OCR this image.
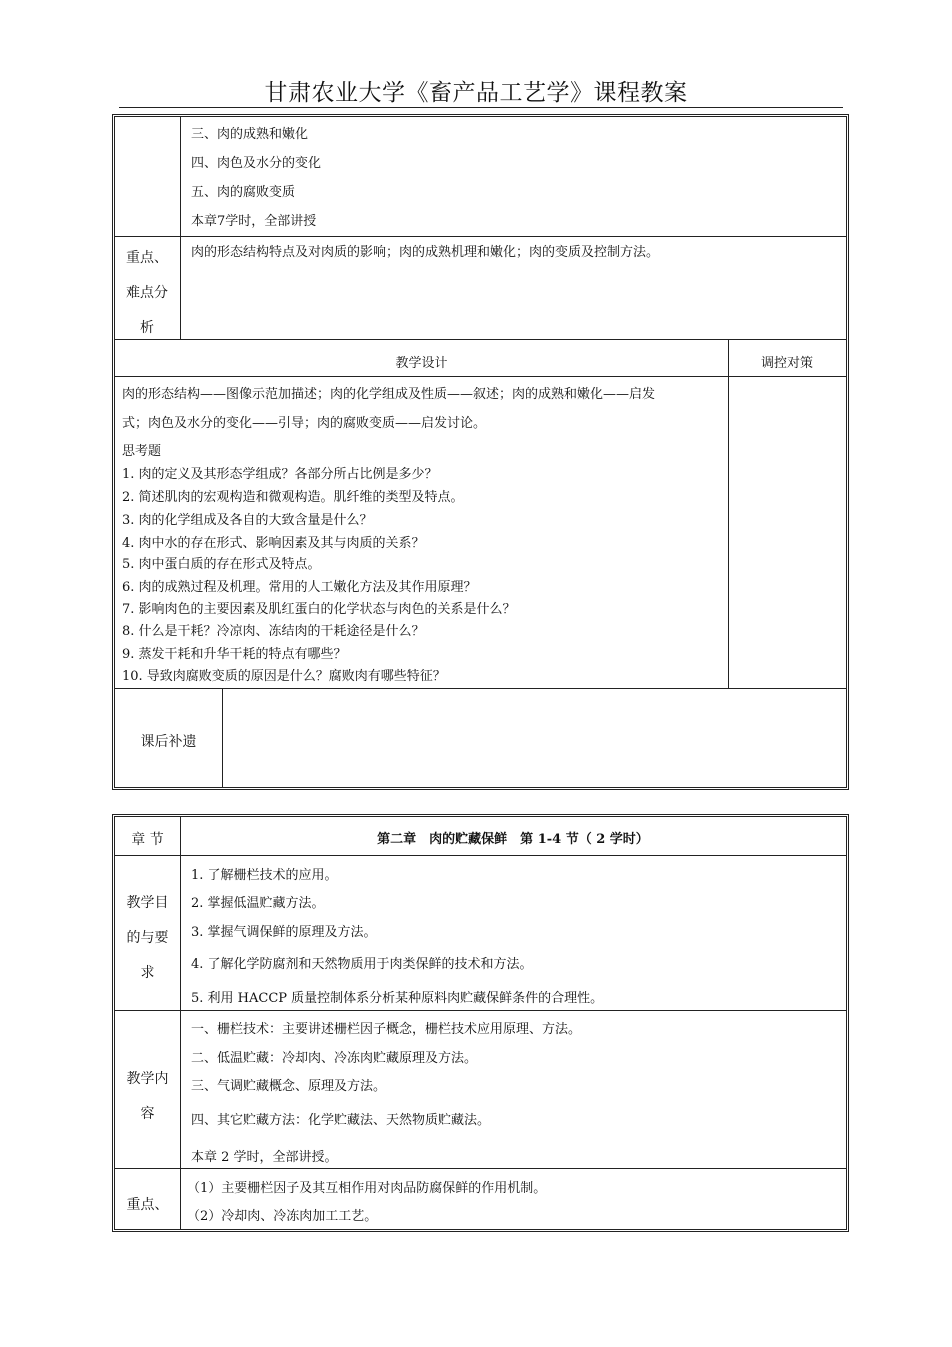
甘肃农业大学《畜产品工艺学》课程教案
三、肉的成熟和嫩化
四、肉色及水分的变化
五、肉的腐败变质
本章7学时，全部讲授
重点、
难点分
析
肉的形态结构特点及对肉质的影响；肉的成熟机理和嫩化；肉的变质及控制方法。
教学设计	调控对策
肉的形态结构——图像示范加描述；肉的化学组成及性质——叙述；肉的成熟和嫩化——启发
式；肉色及水分的变化——引导；肉的腐败变质——启发讨论。
思考题
1. 肉的定义及其形态学组成？各部分所占比例是多少？
2. 简述肌肉的宏观构造和微观构造。肌纤维的类型及特点。
3. 肉的化学组成及各自的大致含量是什么？
4. 肉中水的存在形式、影响因素及其与肉质的关系？
5. 肉中蛋白质的存在形式及特点。
6. 肉的成熟过程及机理。常用的人工嫩化方法及其作用原理？
7. 影响肉色的主要因素及肌红蛋白的化学状态与肉色的关系是什么？
8. 什么是干耗？冷凉肉、冻结肉的干耗途径是什么？
9. 蒸发干耗和升华干耗的特点有哪些？
10. 导致肉腐败变质的原因是什么？腐败肉有哪些特征？
课后补遗
章 节	第二章　肉的贮藏保鲜　第 1-4 节（ 2 学时）
教学目
的与要
求
1. 了解栅栏技术的应用。
2. 掌握低温贮藏方法。
3. 掌握气调保鲜的原理及方法。
4. 了解化学防腐剂和天然物质用于肉类保鲜的技术和方法。
5. 利用 HACCP 质量控制体系分析某种原料肉贮藏保鲜条件的合理性。
教学内
容
一、栅栏技术：主要讲述栅栏因子概念，栅栏技术应用原理、方法。
二、低温贮藏：冷却肉、冷冻肉贮藏原理及方法。
三、气调贮藏概念、原理及方法。
四、其它贮藏方法：化学贮藏法、天然物质贮藏法。
本章 2 学时，全部讲授。
重点、
（1）主要栅栏因子及其互相作用对肉品防腐保鲜的作用机制。
（2）冷却肉、冷冻肉加工工艺。
